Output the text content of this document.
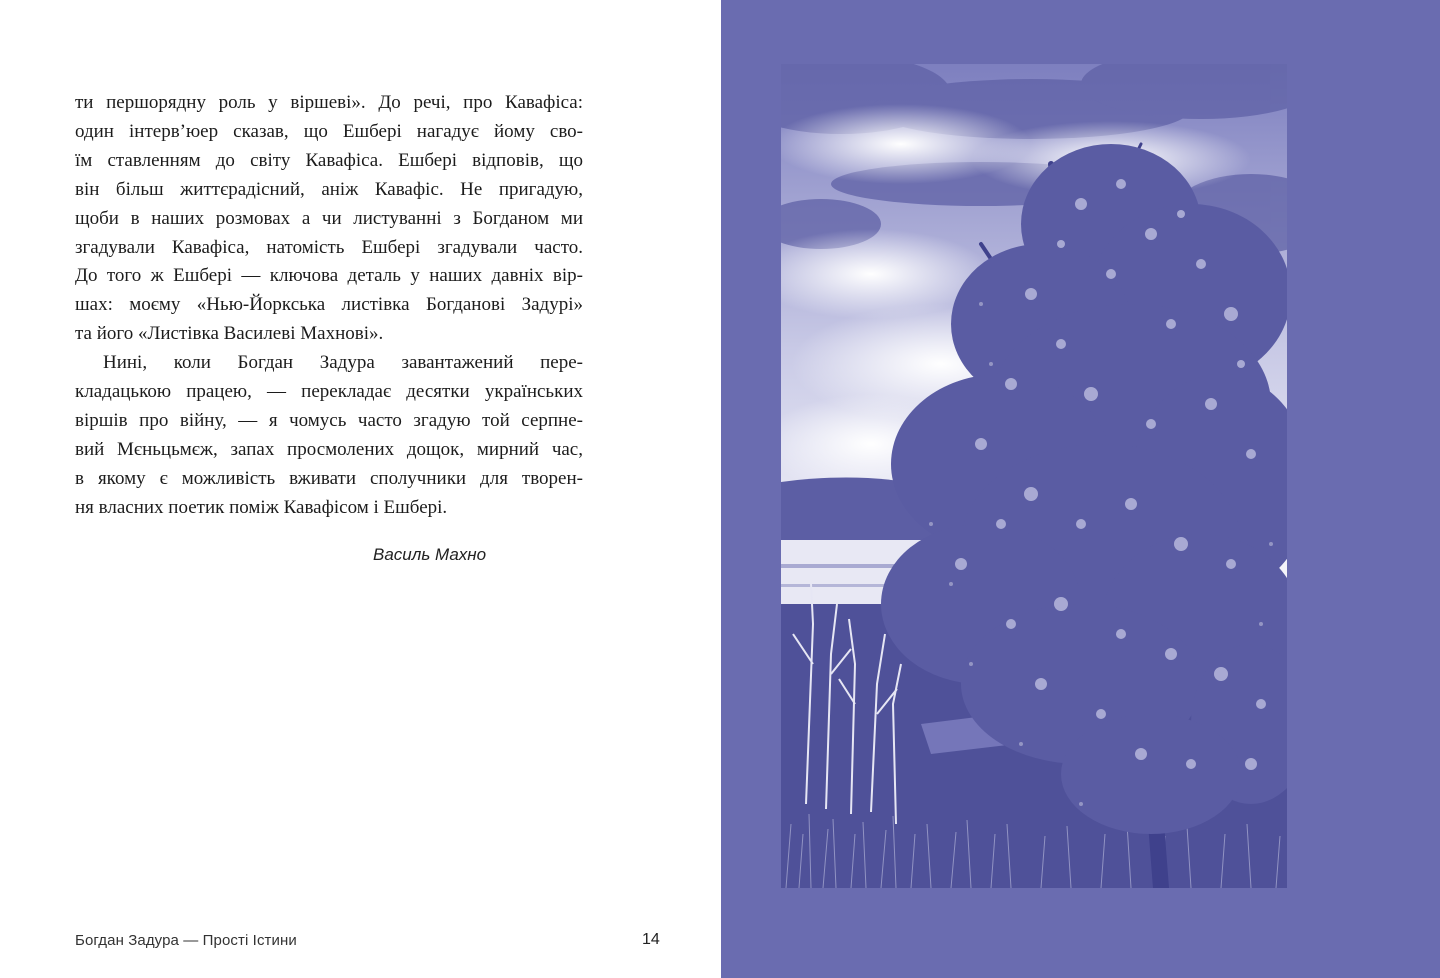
ти першорядну роль у віршеві». До речі, про Кавафіса:
один інтерв’юер сказав, що Ешбері нагадує йому сво-
їм ставленням до світу Кавафіса. Ешбері відповів, що
він більш життєрадісний, аніж Кавафіс. Не пригадую,
щоби в наших розмовах а чи листуванні з Богданом ми
згадували Кавафіса, натомість Ешбері згадували часто.
До того ж Ешбері — ключова деталь у наших давніх вір-
шах: моєму «Нью-Йоркська листівка Богданові Задурі»
та його «Листівка Василеві Махнові».
Нині, коли Богдан Задура завантажений пере-
кладацькою працею, — перекладає десятки українських
віршів про війну, — я чомусь часто згадую той серпне-
вий Мєньцьмєж, запах просмолених дощок, мирний час,
в якому є можливість вживати сполучники для творен-
ня власних поетик поміж Кавафісом і Ешбері.
Василь Махно
Богдан Задура — Прості Істини	14
